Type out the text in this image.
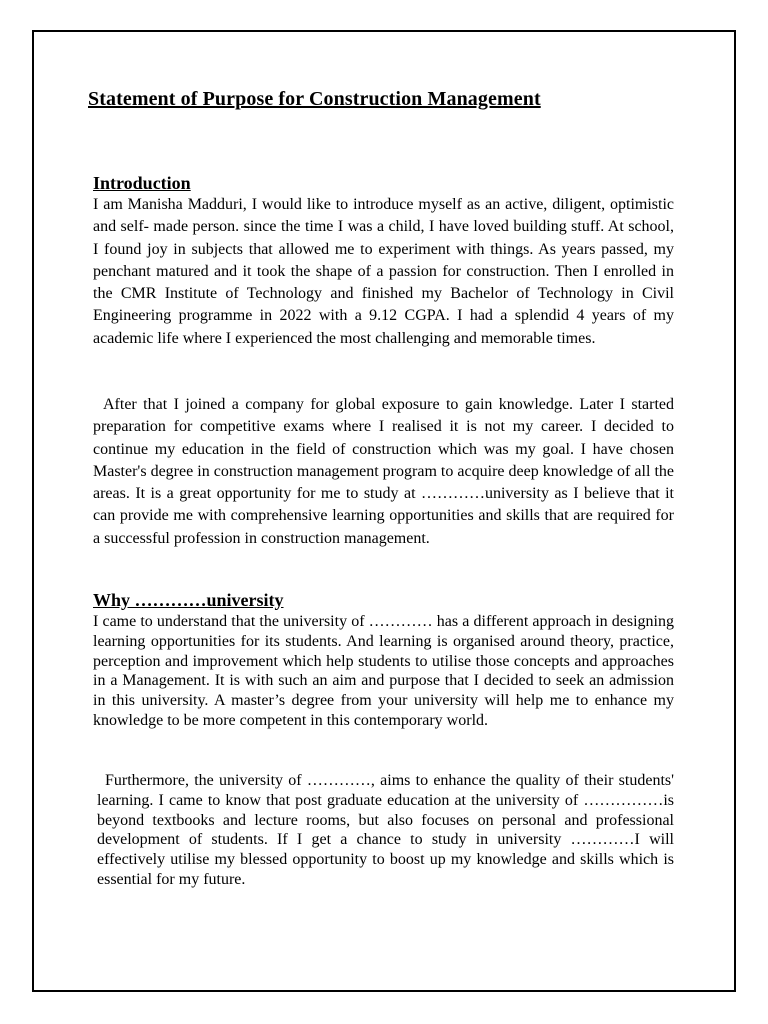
Statement of Purpose for Construction Management
Introduction

I am Manisha Madduri, I would like to introduce myself as an active, diligent, optimistic and self- made person. since the time I was a child, I have loved building stuff. At school, I found joy in subjects that allowed me to experiment with things. As years passed, my penchant matured and it took the shape of a passion for construction. Then I enrolled in the CMR Institute of Technology and finished my Bachelor of Technology in Civil Engineering programme in 2022 with a 9.12 CGPA. I had a splendid 4 years of my academic life where I experienced the most challenging and memorable times.

After that I joined a company for global exposure to gain knowledge. Later I started preparation for competitive exams where I realised it is not my career. I decided to continue my education in the field of construction which was my goal. I have chosen Master's degree in construction management program to acquire deep knowledge of all the areas. It is a great opportunity for me to study at …………university as I believe that it can provide me with comprehensive learning opportunities and skills that are required for a successful profession in construction management.

Why …………university

I came to understand that the university of ………… has a different approach in designing learning opportunities for its students. And learning is organised around theory, practice, perception and improvement which help students to utilise those concepts and approaches in a Management. It is with such an aim and purpose that I decided to seek an admission in this university. A master’s degree from your university will help me to enhance my knowledge to be more competent in this contemporary world.

Furthermore, the university of …………, aims to enhance the quality of their students' learning. I came to know that post graduate education at the university of ……………is beyond textbooks and lecture rooms, but also focuses on personal and professional development of students. If I get a chance to study in university …………I will effectively utilise my blessed opportunity to boost up my knowledge and skills which is essential for my future.
